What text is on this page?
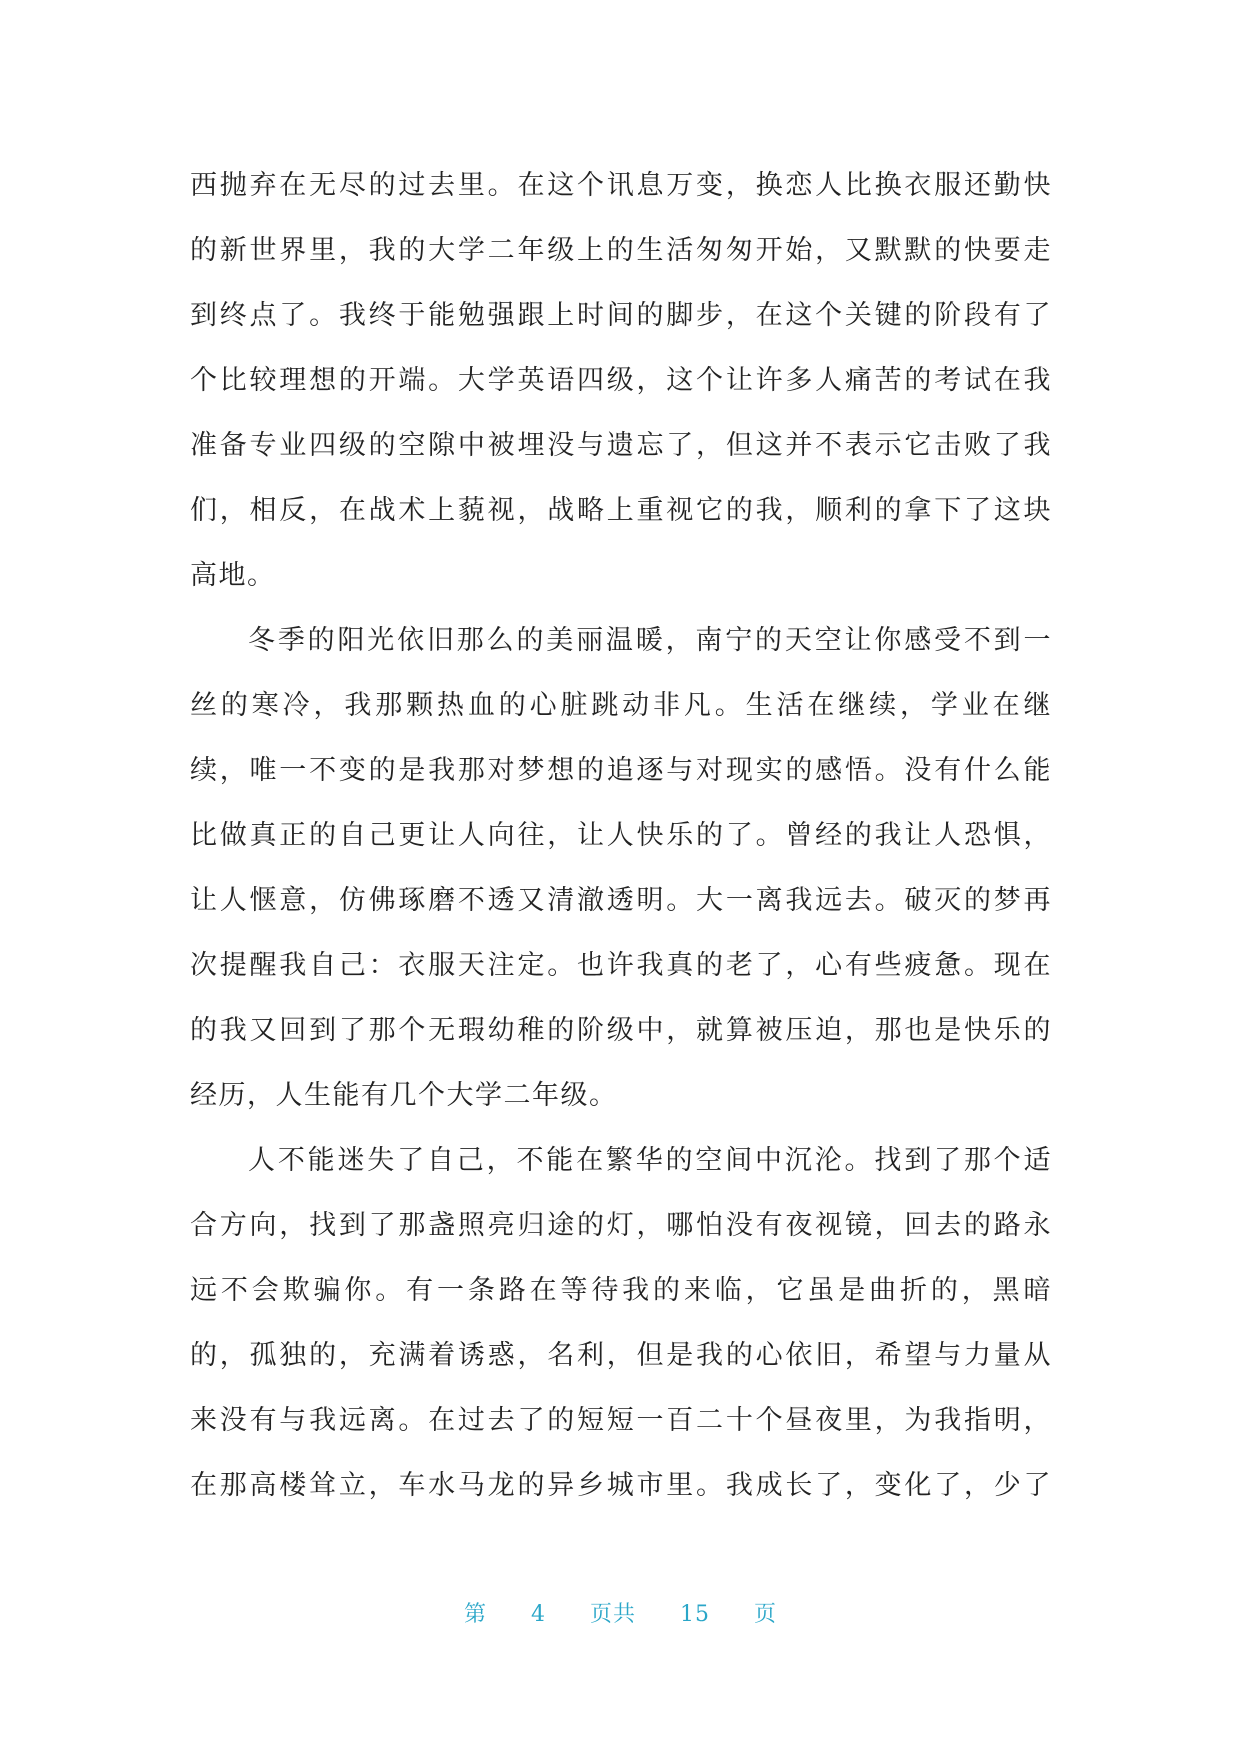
西抛弃在无尽的过去里。在这个讯息万变，换恋人比换衣服还勤快
的新世界里，我的大学二年级上的生活匆匆开始，又默默的快要走
到终点了。我终于能勉强跟上时间的脚步，在这个关键的阶段有了
个比较理想的开端。大学英语四级，这个让许多人痛苦的考试在我
准备专业四级的空隙中被埋没与遗忘了，但这并不表示它击败了我
们，相反，在战术上藐视，战略上重视它的我，顺利的拿下了这块
高地。
冬季的阳光依旧那么的美丽温暖，南宁的天空让你感受不到一
丝的寒冷，我那颗热血的心脏跳动非凡。生活在继续，学业在继
续，唯一不变的是我那对梦想的追逐与对现实的感悟。没有什么能
比做真正的自己更让人向往，让人快乐的了。曾经的我让人恐惧，
让人惬意，仿佛琢磨不透又清澈透明。大一离我远去。破灭的梦再
次提醒我自己：衣服天注定。也许我真的老了，心有些疲惫。现在
的我又回到了那个无瑕幼稚的阶级中，就算被压迫，那也是快乐的
经历，人生能有几个大学二年级。
人不能迷失了自己，不能在繁华的空间中沉沦。找到了那个适
合方向，找到了那盏照亮归途的灯，哪怕没有夜视镜，回去的路永
远不会欺骗你。有一条路在等待我的来临，它虽是曲折的，黑暗
的，孤独的，充满着诱惑，名利，但是我的心依旧，希望与力量从
来没有与我远离。在过去了的短短一百二十个昼夜里，为我指明，
在那高楼耸立，车水马龙的异乡城市里。我成长了，变化了，少了
第 4 页共 15 页
